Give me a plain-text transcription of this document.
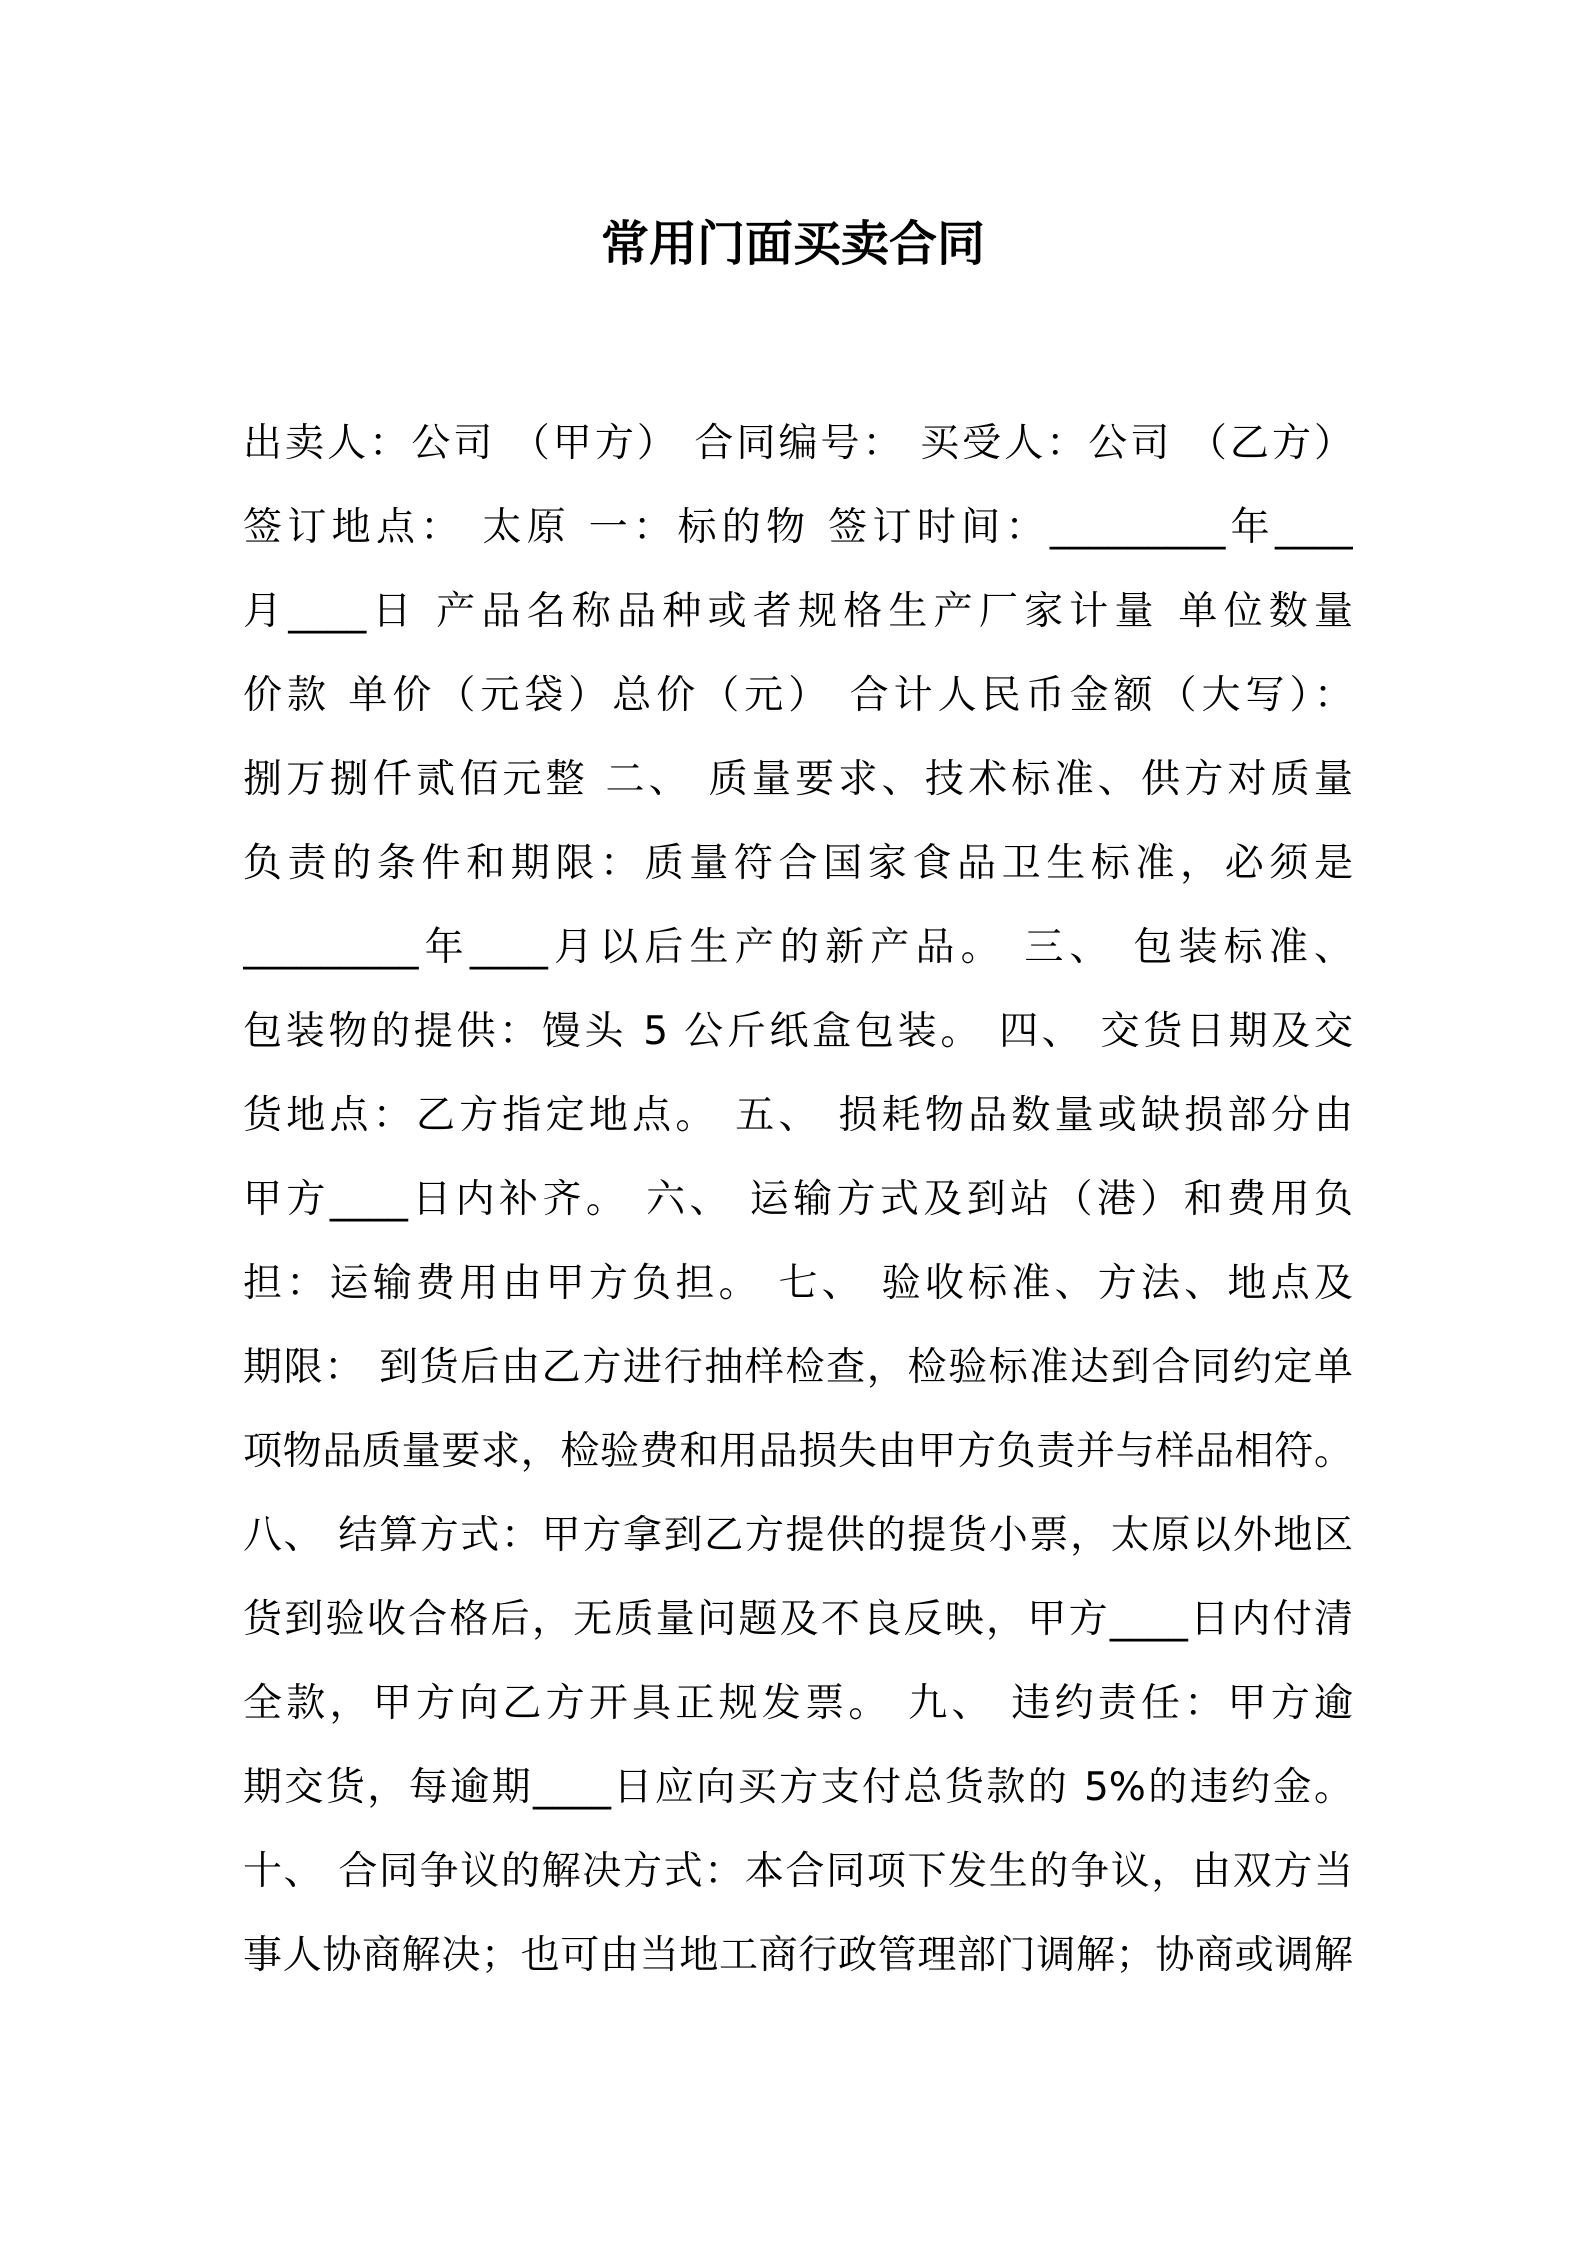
常用门面买卖合同
出卖人：公司 （甲方） 合同编号： 买受人：公司 （乙方）
签订地点： 太原 一：标的物 签订时间：_________年____
月____日 产品名称品种或者规格生产厂家计量 单位数量
价款 单价（元袋）总价（元） 合计人民币金额（大写）：
捌万捌仟贰佰元整 二、 质量要求、技术标准、供方对质量
负责的条件和期限：质量符合国家食品卫生标准，必须是
_________年____月以后生产的新产品。 三、 包装标准、
包装物的提供：馒头 5 公斤纸盒包装。 四、 交货日期及交
货地点：乙方指定地点。 五、 损耗物品数量或缺损部分由
甲方____日内补齐。 六、 运输方式及到站（港）和费用负
担：运输费用由甲方负担。 七、 验收标准、方法、地点及
期限： 到货后由乙方进行抽样检查，检验标准达到合同约定单
项物品质量要求，检验费和用品损失由甲方负责并与样品相符。
八、 结算方式：甲方拿到乙方提供的提货小票，太原以外地区
货到验收合格后，无质量问题及不良反映，甲方____日内付清
全款，甲方向乙方开具正规发票。 九、 违约责任：甲方逾
期交货，每逾期____日应向买方支付总货款的 5%的违约金。
十、 合同争议的解决方式：本合同项下发生的争议，由双方当
事人协商解决；也可由当地工商行政管理部门调解；协商或调解
